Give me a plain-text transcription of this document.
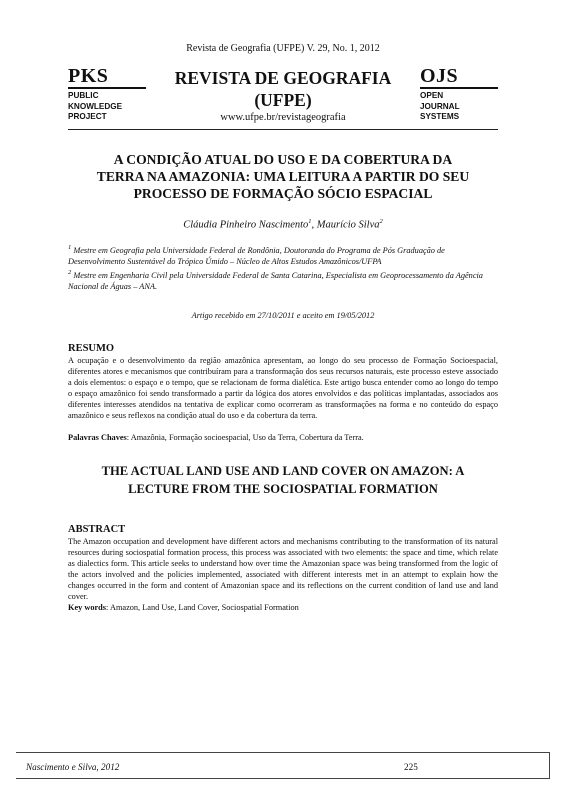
Revista de Geografia (UFPE) V. 29, No. 1, 2012
PKS
PUBLIC
KNOWLEDGE
PROJECT
REVISTA DE GEOGRAFIA
(UFPE)
www.ufpe.br/revistageografia
OJS
OPEN
JOURNAL
SYSTEMS
A CONDIÇÃO ATUAL DO USO E DA COBERTURA DA
TERRA NA AMAZONIA: UMA LEITURA A PARTIR DO SEU
PROCESSO DE FORMAÇÃO SÓCIO ESPACIAL
Cláudia Pinheiro Nascimento$^1$, Maurício Silva$^2$
$^1$ Mestre em Geografia pela Universidade Federal de Rondônia, Doutoranda do Programa de Pós Graduação de Desenvolvimento Sustentável do Trópico Úmido – Núcleo de Altos Estudos Amazônicos/UFPA
$^2$ Mestre em Engenharia Civil pela Universidade Federal de Santa Catarina, Especialista em Geoprocessamento da Agência Nacional de Águas – ANA.
Artigo recebido em 27/10/2011 e aceito em 19/05/2012
RESUMO
A ocupação e o desenvolvimento da região amazônica apresentam, ao longo do seu processo de Formação Socioespacial, diferentes atores e mecanismos que contribuíram para a transformação dos seus recursos naturais, este processo esteve associado a dois elementos: o espaço e o tempo, que se relacionam de forma dialética. Este artigo busca entender como ao longo do tempo o espaço amazônico foi sendo transformado a partir da lógica dos atores envolvidos e das políticas implantadas, associados aos diferentes interesses atendidos na tentativa de explicar como ocorreram as transformações na forma e no conteúdo do espaço amazônico e seus reflexos na condição atual do uso e da cobertura da terra.
Palavras Chaves: Amazônia, Formação socioespacial, Uso da Terra, Cobertura da Terra.
THE ACTUAL LAND USE AND LAND COVER ON AMAZON: A
LECTURE FROM THE SOCIOSPATIAL FORMATION
ABSTRACT
The Amazon occupation and development have different actors and mechanisms contributing to the transformation of its natural resources during sociospatial formation process, this process was associated with two elements: the space and time, which relate as dialectics form. This article seeks to understand how over time the Amazonian space was being transformed from the logic of the actors involved and the policies implemented, associated with different interests met in an attempt to explain how the changes occurred in the form and content of Amazonian space and its reflections on the current condition of land use and land cover.
Key words: Amazon, Land Use, Land Cover, Sociospatial Formation
Nascimento e Silva, 2012	225
